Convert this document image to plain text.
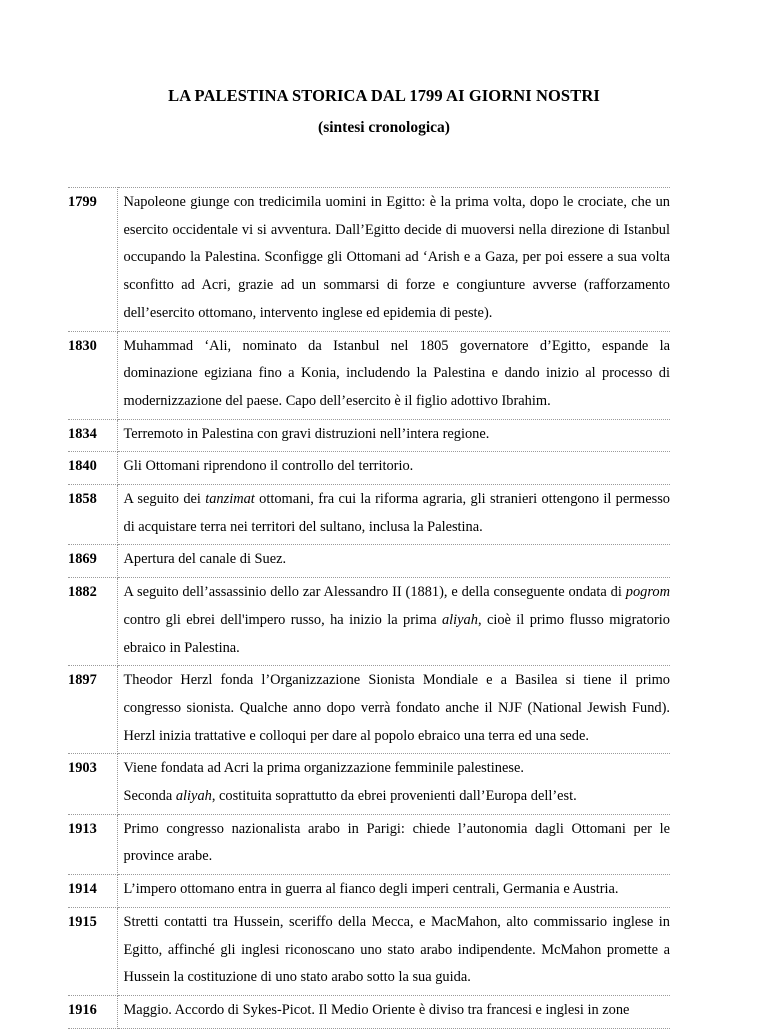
LA PALESTINA STORICA DAL 1799 AI GIORNI NOSTRI
(sintesi cronologica)
1799	Napoleone giunge con tredicimila uomini in Egitto: è la prima volta, dopo le crociate, che un esercito occidentale vi si avventura. Dall’Egitto decide di muoversi nella direzione di Istanbul occupando la Palestina. Sconfigge gli Ottomani ad ‘Arish e a Gaza, per poi essere a sua volta sconfitto ad Acri, grazie ad un sommarsi di forze e congiunture avverse (rafforzamento dell’esercito ottomano, intervento inglese ed epidemia di peste).
1830	Muhammad ‘Ali, nominato da Istanbul nel 1805 governatore d’Egitto, espande la dominazione egiziana fino a Konia, includendo la Palestina e dando inizio al processo di modernizzazione del paese. Capo dell’esercito è il figlio adottivo Ibrahim.
1834	Terremoto in Palestina con gravi distruzioni nell’intera regione.
1840	Gli Ottomani riprendono il controllo del territorio.
1858	A seguito dei tanzimat ottomani, fra cui la riforma agraria, gli stranieri ottengono il permesso di acquistare terra nei territori del sultano, inclusa la Palestina.
1869	Apertura del canale di Suez.
1882	A seguito dell’assassinio dello zar Alessandro II (1881), e della conseguente ondata di pogrom contro gli ebrei dell'impero russo, ha inizio la prima aliyah, cioè il primo flusso migratorio ebraico in Palestina.
1897	Theodor Herzl fonda l’Organizzazione Sionista Mondiale e a Basilea si tiene il primo congresso sionista. Qualche anno dopo verrà fondato anche il NJF (National Jewish Fund). Herzl inizia trattative e colloqui per dare al popolo ebraico una terra ed una sede.
1903	Viene fondata ad Acri la prima organizzazione femminile palestinese.
Seconda aliyah, costituita soprattutto da ebrei provenienti dall’Europa dell’est.
1913	Primo congresso nazionalista arabo in Parigi: chiede l’autonomia dagli Ottomani per le province arabe.
1914	L’impero ottomano entra in guerra al fianco degli imperi centrali, Germania e Austria.
1915	Stretti contatti tra Hussein, sceriffo della Mecca, e MacMahon, alto commissario inglese in Egitto, affinché gli inglesi riconoscano uno stato arabo indipendente. McMahon promette a Hussein la costituzione di uno stato arabo sotto la sua guida.
1916	Maggio. Accordo di Sykes-Picot. Il Medio Oriente è diviso tra francesi e inglesi in zone
